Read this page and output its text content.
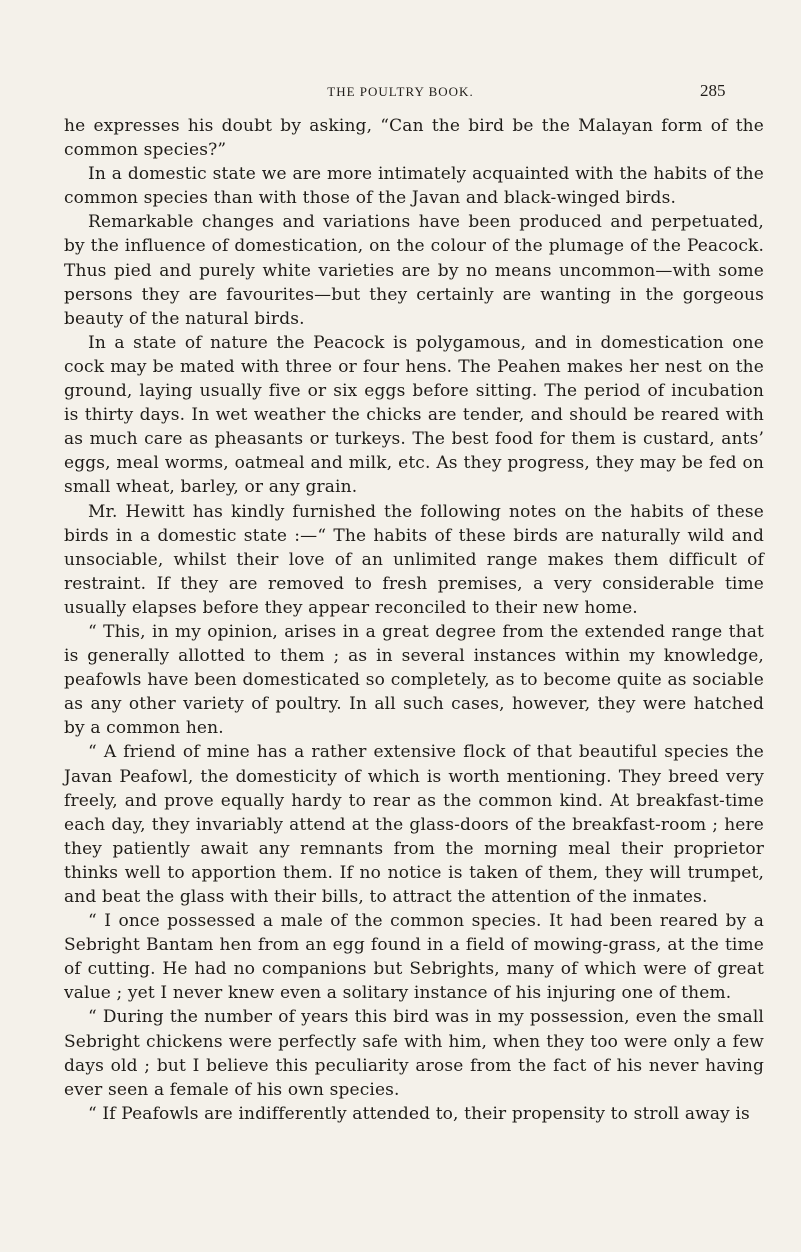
THE POULTRY BOOK.	285

he expresses his doubt by asking, “Can the bird be the Malayan form of the common species?”

In a domestic state we are more intimately acquainted with the habits of the common species than with those of the Javan and black-winged birds.

Remarkable changes and variations have been produced and perpetuated, by the influence of domestication, on the colour of the plumage of the Peacock. Thus pied and purely white varieties are by no means uncommon—with some persons they are favourites—but they certainly are wanting in the gorgeous beauty of the natural birds.

In a state of nature the Peacock is polygamous, and in domestication one cock may be mated with three or four hens. The Peahen makes her nest on the ground, laying usually five or six eggs before sitting. The period of incubation is thirty days. In wet weather the chicks are tender, and should be reared with as much care as pheasants or turkeys. The best food for them is custard, ants’ eggs, meal worms, oatmeal and milk, etc. As they progress, they may be fed on small wheat, barley, or any grain.

Mr. Hewitt has kindly furnished the following notes on the habits of these birds in a domestic state :—“ The habits of these birds are naturally wild and unsociable, whilst their love of an unlimited range makes them difficult of restraint. If they are removed to fresh premises, a very considerable time usually elapses before they appear reconciled to their new home.

“ This, in my opinion, arises in a great degree from the extended range that is generally allotted to them ; as in several instances within my knowledge, peafowls have been domesticated so completely, as to become quite as sociable as any other variety of poultry. In all such cases, however, they were hatched by a common hen.

“ A friend of mine has a rather extensive flock of that beautiful species the Javan Peafowl, the domesticity of which is worth mentioning. They breed very freely, and prove equally hardy to rear as the common kind. At breakfast-time each day, they invariably attend at the glass-doors of the breakfast-room ; here they patiently await any remnants from the morning meal their proprietor thinks well to apportion them. If no notice is taken of them, they will trumpet, and beat the glass with their bills, to attract the attention of the inmates.

“ I once possessed a male of the common species. It had been reared by a Sebright Bantam hen from an egg found in a field of mowing-grass, at the time of cutting. He had no companions but Sebrights, many of which were of great value ; yet I never knew even a solitary instance of his injuring one of them.

“ During the number of years this bird was in my possession, even the small Sebright chickens were perfectly safe with him, when they too were only a few days old ; but I believe this peculiarity arose from the fact of his never having ever seen a female of his own species.

“ If Peafowls are indifferently attended to, their propensity to stroll away is
